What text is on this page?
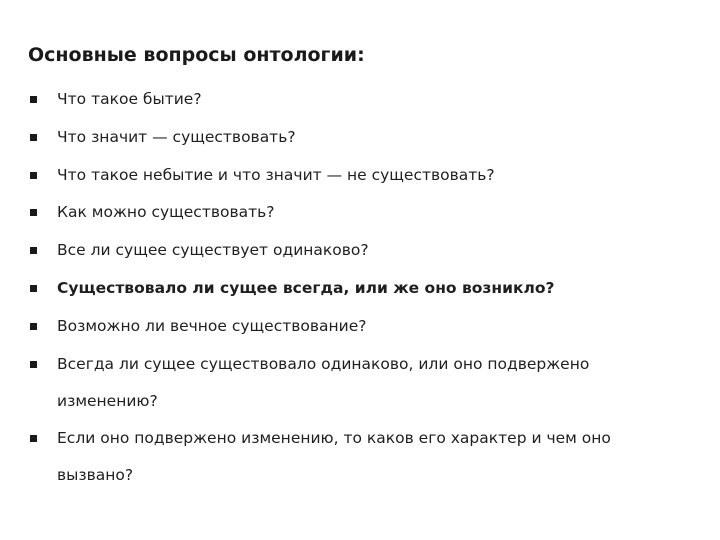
Основные вопросы онтологии:
Что такое бытие?
Что значит — существовать?
Что такое небытие и что значит — не существовать?
Как можно существовать?
Все ли сущее существует одинаково?
Существовало ли сущее всегда, или же оно возникло?
Возможно ли вечное существование?
Всегда ли сущее существовало одинаково, или оно подвержено изменению?
Если оно подвержено изменению, то каков его характер и чем оно вызвано?
